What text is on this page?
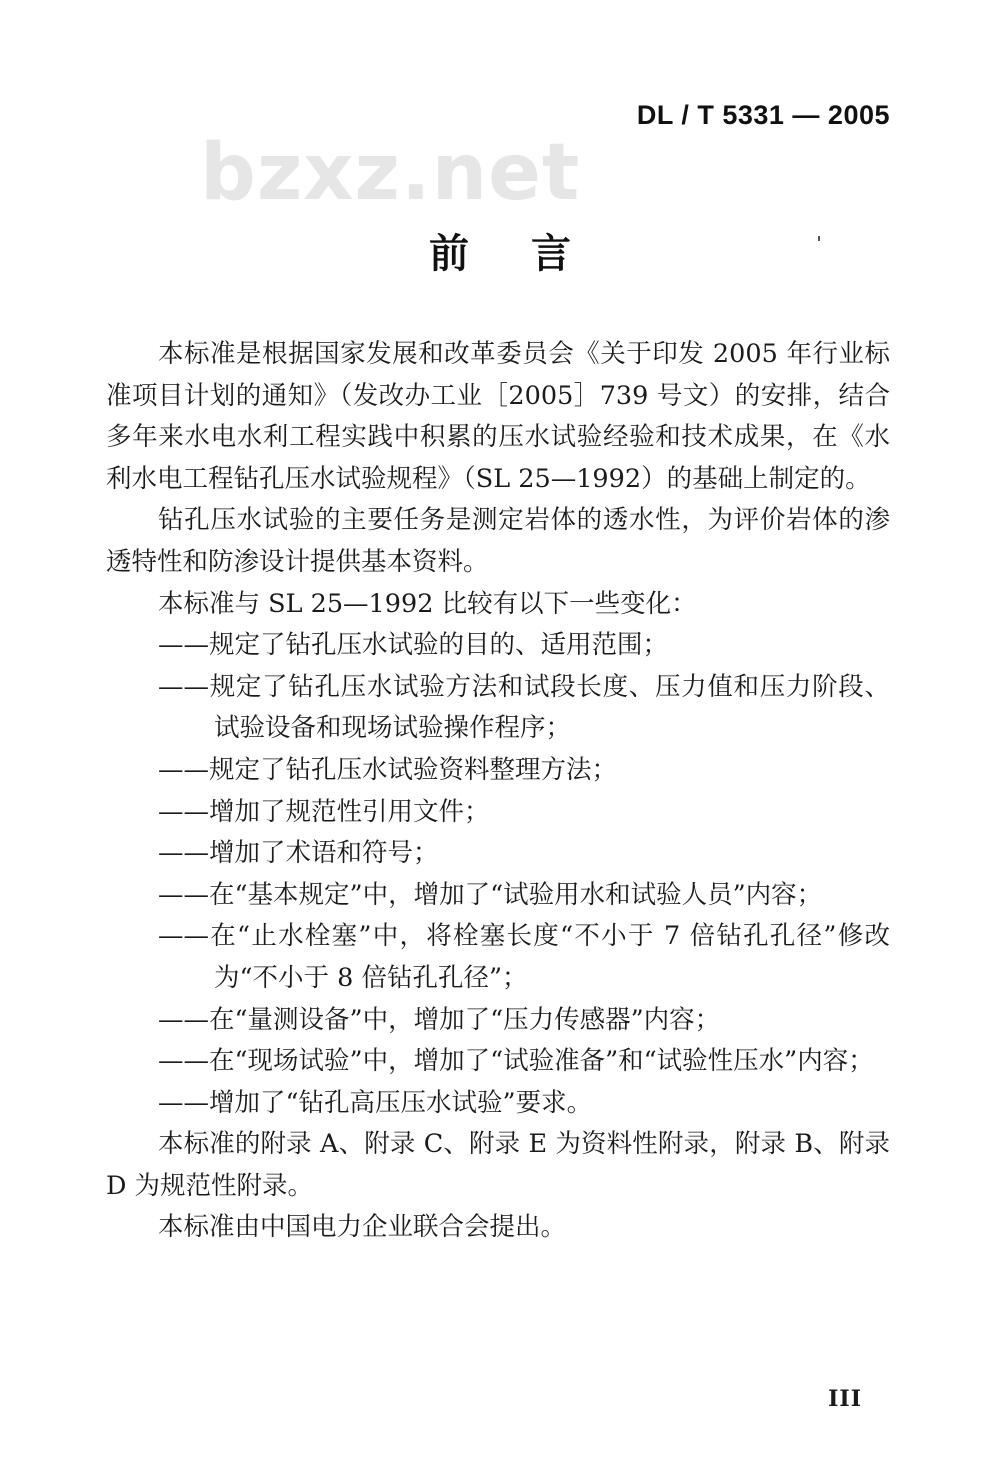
DL / T 5331 — 2005
bzxz.net
前言

本标准是根据国家发展和改革委员会《关于印发 2005 年行业标准项目计划的通知》（发改办工业［2005］739 号文）的安排，结合多年来水电水利工程实践中积累的压水试验经验和技术成果，在《水利水电工程钻孔压水试验规程》（SL 25—1992）的基础上制定的。

钻孔压水试验的主要任务是测定岩体的透水性，为评价岩体的渗透特性和防渗设计提供基本资料。

本标准与 SL 25—1992 比较有以下一些变化：

——规定了钻孔压水试验的目的、适用范围；

——规定了钻孔压水试验方法和试段长度、压力值和压力阶段、试验设备和现场试验操作程序；

——规定了钻孔压水试验资料整理方法；

——增加了规范性引用文件；

——增加了术语和符号；

——在“基本规定”中，增加了“试验用水和试验人员”内容；

——在“止水栓塞”中，将栓塞长度“不小于 7 倍钻孔孔径”修改为“不小于 8 倍钻孔孔径”；

——在“量测设备”中，增加了“压力传感器”内容；

——在“现场试验”中，增加了“试验准备”和“试验性压水”内容；

——增加了“钻孔高压压水试验”要求。

本标准的附录 A、附录 C、附录 E 为资料性附录，附录 B、附录 D 为规范性附录。

本标准由中国电力企业联合会提出。

III
